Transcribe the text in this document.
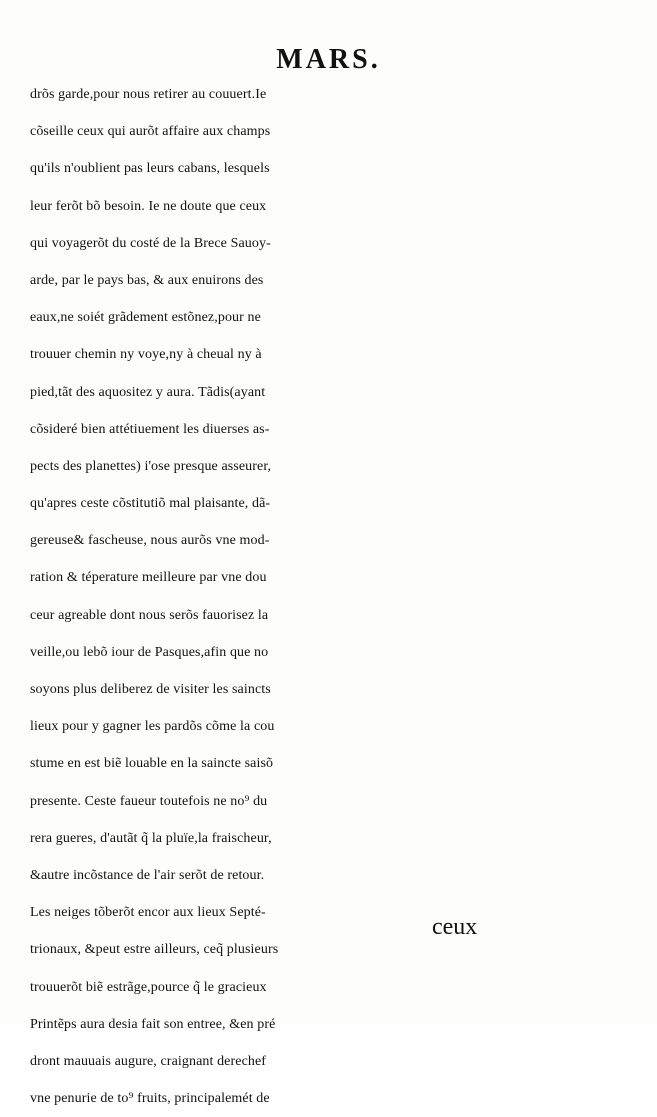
MARS.
drõs garde,pour nous retirer au couuert.Ie
cõseille ceux qui aurõt affaire aux champs
qu'ils n'oublient pas leurs cabans, lesquels
leur ferõt bõ besoin. Ie ne doute que ceux
qui voyagerõt du costé de la Brece Sauoy-
arde, par le pays bas, & aux enuirons des
eaux,ne soiét grãdement estõnez,pour ne
trouuer chemin ny voye,ny à cheual ny à
pied,tãt des aquositez y aura. Tãdis(ayant
cõsideré bien attétiuement les diuerses as-
pects des planettes) i'ose presque asseurer,
qu'apres ceste cõstitutiõ mal plaisante, dã-
gereuse& fascheuse, nous aurõs vne mod-
ration & téperature meilleure par vne dou
ceur agreable dont nous serõs fauorisez la
veille,ou lebõ iour de Pasques,afin que no
soyons plus deliberez de visiter les saincts
lieux pour y gagner les pardõs cõme la cou
stume en est biẽ louable en la saincte saisõ
presente. Ceste faueur toutefois ne no⁹ du
rera gueres, d'autãt q̃ la pluïe,la fraischeur,
&autre incõstance de l'air serõt de retour.
Les neiges tõberõt encor aux lieux Septé-
trionaux, &peut estre ailleurs, ceq̃ plusieurs
trouuerõt biẽ estrãge,pource q̃ le gracieux
Printẽps aura desia fait son entree, &en pré
dront mauuais augure, craignant derechef
vne penurie de to⁹ fruits, principalemét de
ceux
